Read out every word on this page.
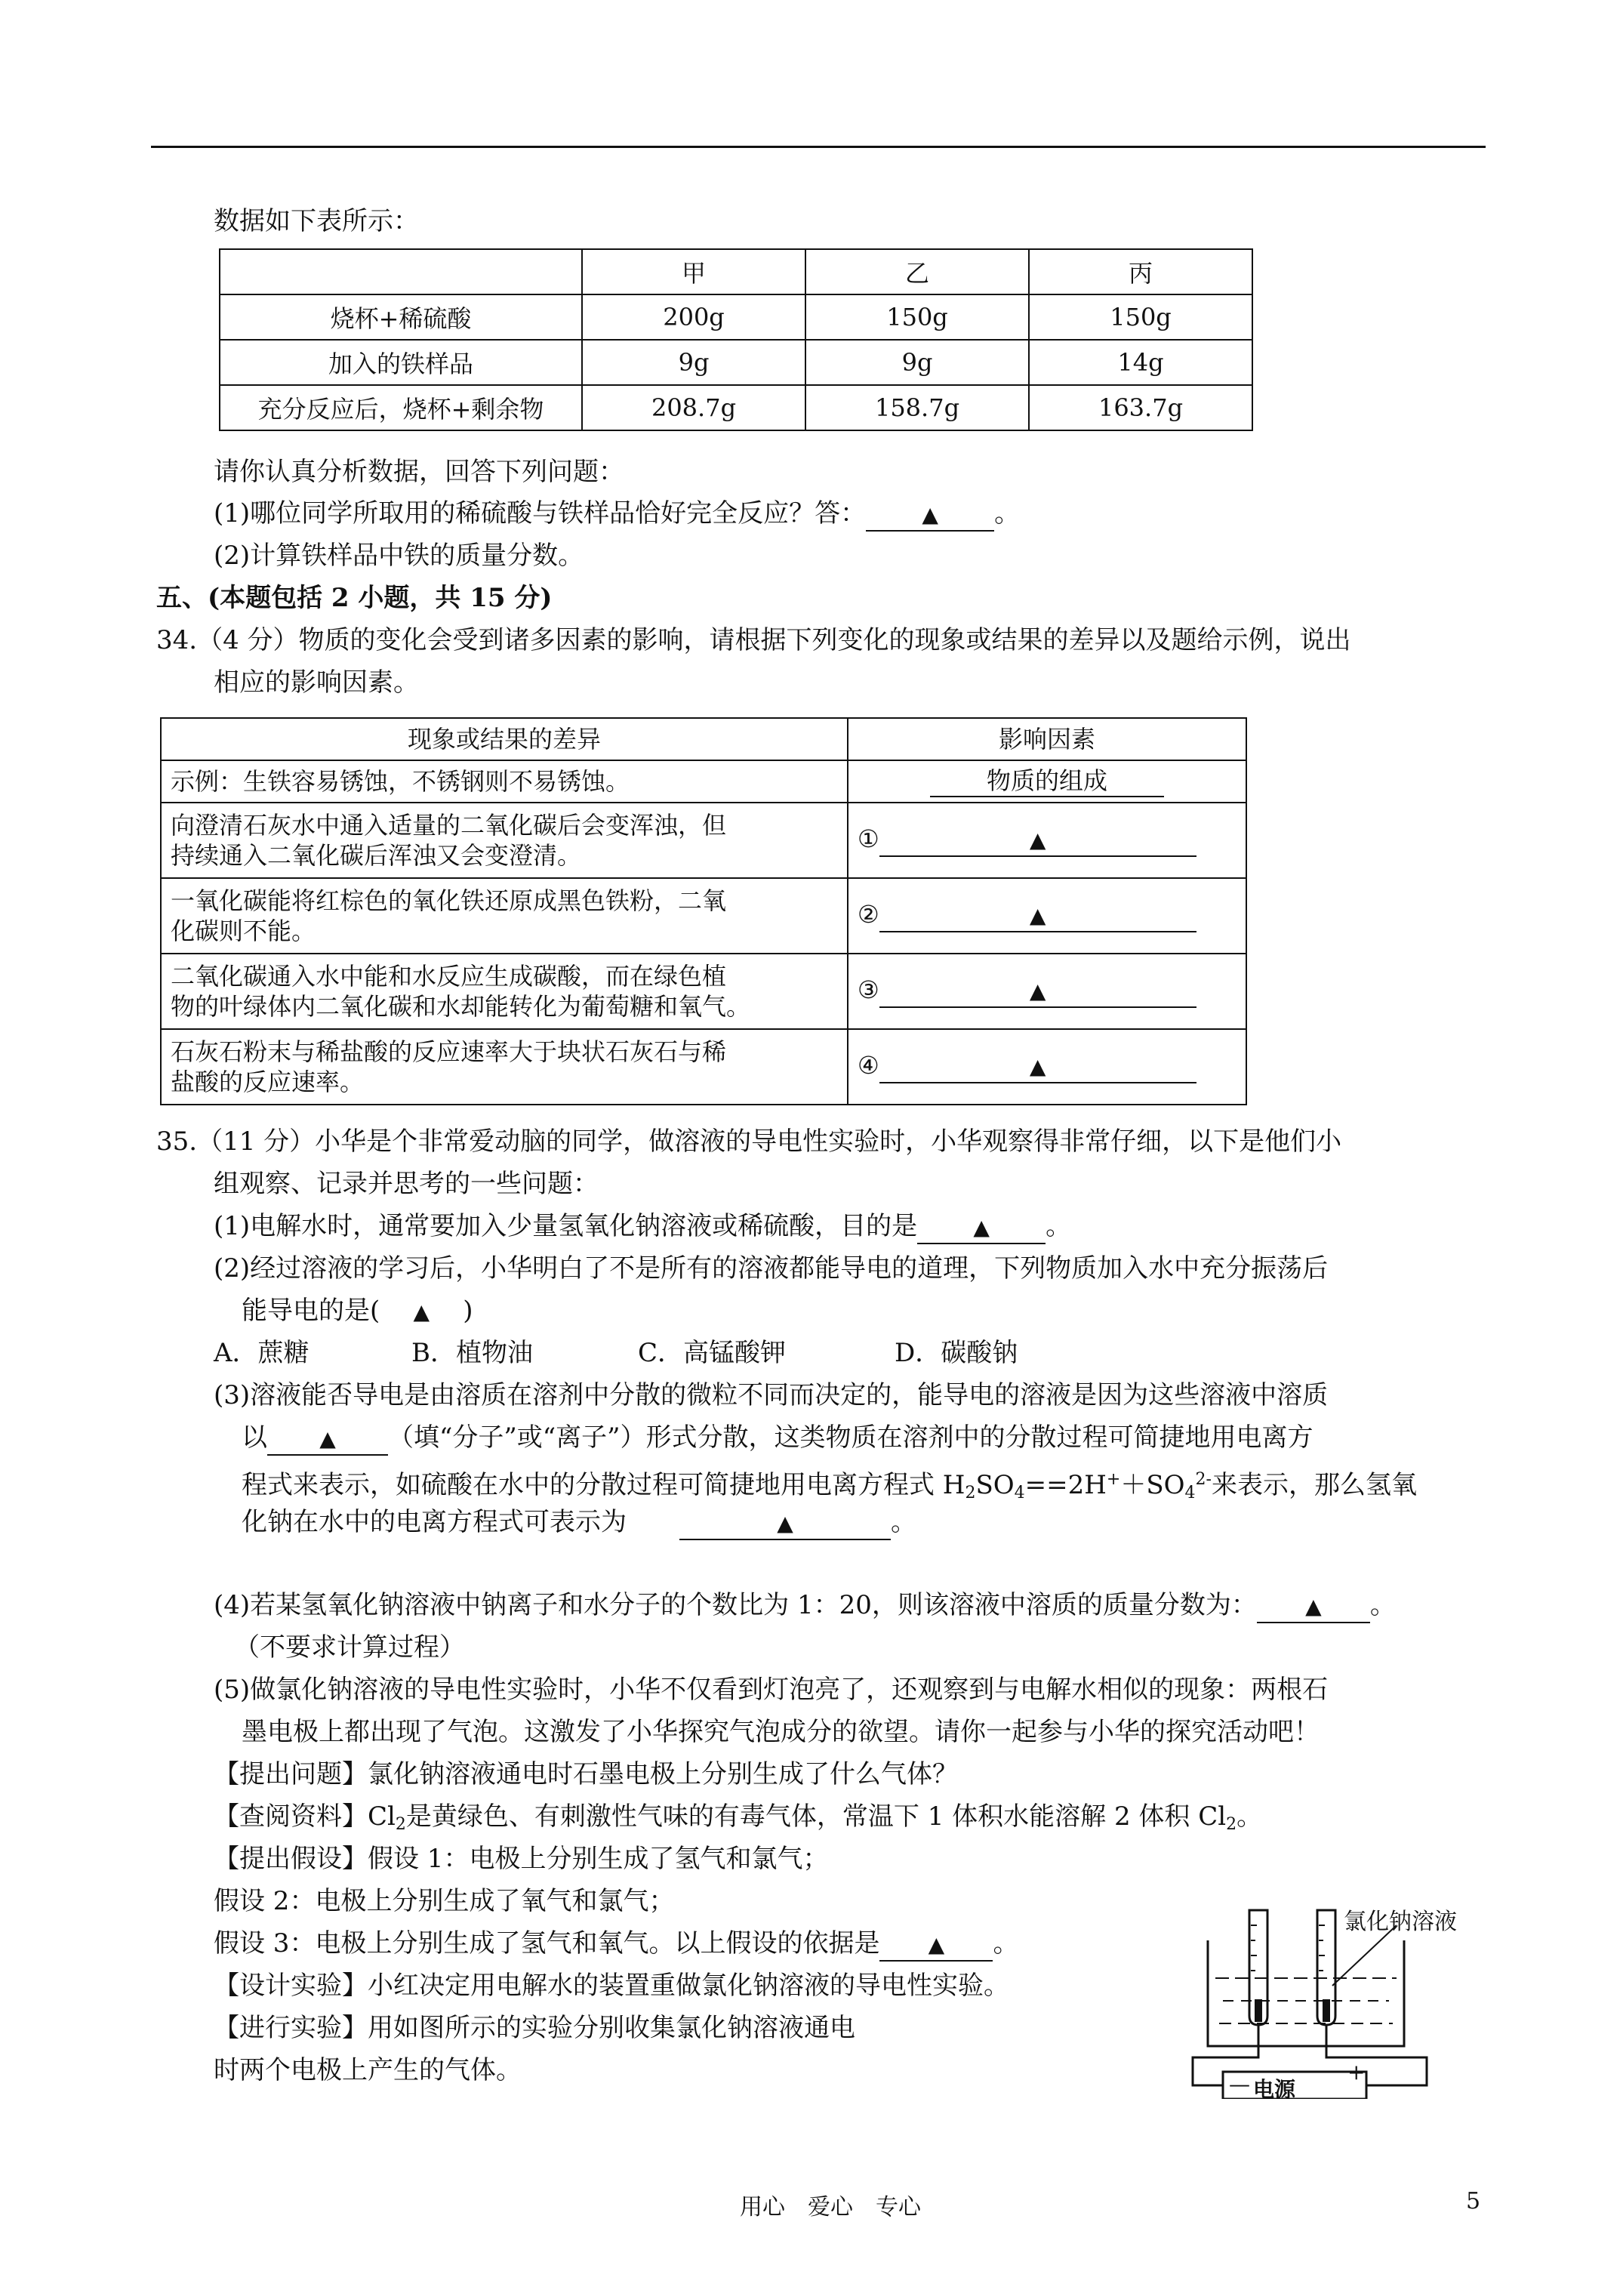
数据如下表所示：
	甲	乙	丙
烧杯+稀硫酸	200g	150g	150g
加入的铁样品	9g	9g	14g
充分反应后，烧杯+剩余物	208.7g	158.7g	163.7g
请你认真分析数据，回答下列问题：
(1)哪位同学所取用的稀硫酸与铁样品恰好完全反应？答：	▲ 。
(2)计算铁样品中铁的质量分数。
五、(本题包括 2 小题，共 15 分)
34.（4 分）物质的变化会受到诸多因素的影响，请根据下列变化的现象或结果的差异以及题给示例，说出
相应的影响因素。
现象或结果的差异	影响因素
示例：生铁容易锈蚀，不锈钢则不易锈蚀。	物质的组成
向澄清石灰水中通入适量的二氧化碳后会变浑浊，但
持续通入二氧化碳后浑浊又会变澄清。	① ▲
一氧化碳能将红棕色的氧化铁还原成黑色铁粉，二氧
化碳则不能。	② ▲
二氧化碳通入水中能和水反应生成碳酸，而在绿色植
物的叶绿体内二氧化碳和水却能转化为葡萄糖和氧气。	③ ▲
石灰石粉末与稀盐酸的反应速率大于块状石灰石与稀
盐酸的反应速率。	④ ▲
35.（11 分）小华是个非常爱动脑的同学，做溶液的导电性实验时，小华观察得非常仔细，以下是他们小
组观察、记录并思考的一些问题：
(1)电解水时，通常要加入少量氢氧化钠溶液或稀硫酸，目的是	▲ 。
(2)经过溶液的学习后，小华明白了不是所有的溶液都能导电的道理，下列物质加入水中充分振荡后
能导电的是( ▲ )
A．蔗糖	B．植物油	C．高锰酸钾	D．碳酸钠
(3)溶液能否导电是由溶质在溶剂中分散的微粒不同而决定的，能导电的溶液是因为这些溶液中溶质
以 ▲ （填“分子”或“离子”）形式分散，这类物质在溶剂中的分散过程可简捷地用电离方
程式来表示，如硫酸在水中的分散过程可简捷地用电离方程式 $H_2SO_4==2H^++SO_4^{2-}$来表示，那么氢氧
化钠在水中的电离方程式可表示为	▲	。
(4)若某氢氧化钠溶液中钠离子和水分子的个数比为 1：20，则该溶液中溶质的质量分数为： ▲ 。
（不要求计算过程）
(5)做氯化钠溶液的导电性实验时，小华不仅看到灯泡亮了，还观察到与电解水相似的现象：两根石
墨电极上都出现了气泡。这激发了小华探究气泡成分的欲望。请你一起参与小华的探究活动吧！
【提出问题】氯化钠溶液通电时石墨电极上分别生成了什么气体？
【查阅资料】$Cl_2$是黄绿色、有刺激性气味的有毒气体，常温下 1 体积水能溶解 2 体积 $Cl_2$。
【提出假设】假设 1：电极上分别生成了氢气和氯气；
假设 2：电极上分别生成了氧气和氯气；
假设 3：电极上分别生成了氢气和氧气。以上假设的依据是 ▲ 。
【设计实验】小红决定用电解水的装置重做氯化钠溶液的导电性实验。
【进行实验】用如图所示的实验分别收集氯化钠溶液通电
时两个电极上产生的气体。
氯化钠溶液
电源
—	+
用心　爱心　专心	5
